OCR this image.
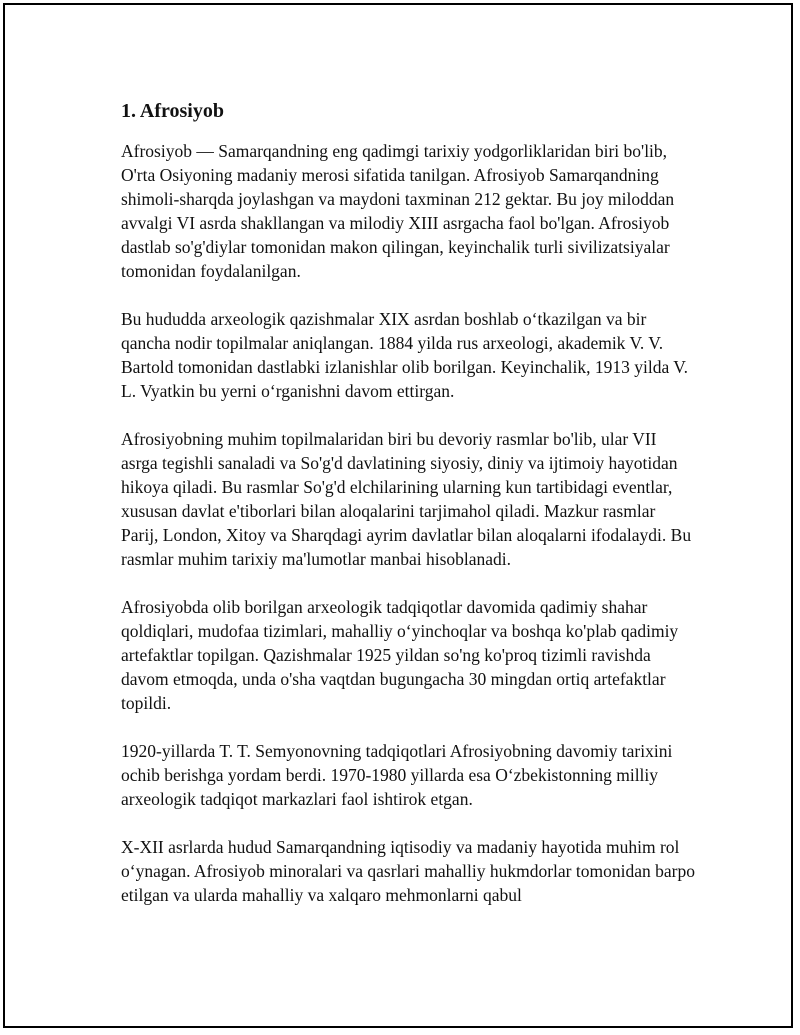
1. Afrosiyob

Afrosiyob — Samarqandning eng qadimgi tarixiy yodgorliklaridan biri bo'lib, O'rta Osiyoning madaniy merosi sifatida tanilgan. Afrosiyob Samarqandning shimoli-sharqda joylashgan va maydoni taxminan 212 gektar. Bu joy miloddan avvalgi VI asrda shakllangan va milodiy XIII asrgacha faol bo'lgan. Afrosiyob dastlab so'g'diylar tomonidan makon qilingan, keyinchalik turli sivilizatsiyalar tomonidan foydalanilgan.

Bu hududda arxeologik qazishmalar XIX asrdan boshlab o‘tkazilgan va bir qancha nodir topilmalar aniqlangan. 1884 yilda rus arxeologi, akademik V. V. Bartold tomonidan dastlabki izlanishlar olib borilgan. Keyinchalik, 1913 yilda V. L. Vyatkin bu yerni o‘rganishni davom ettirgan.

Afrosiyobning muhim topilmalaridan biri bu devoriy rasmlar bo'lib, ular VII asrga tegishli sanaladi va So'g'd davlatining siyosiy, diniy va ijtimoiy hayotidan hikoya qiladi. Bu rasmlar So'g'd elchilarining ularning kun tartibidagi eventlar, xususan davlat e'tiborlari bilan aloqalarini tarjimahol qiladi. Mazkur rasmlar Parij, London, Xitoy va Sharqdagi ayrim davlatlar bilan aloqalarni ifodalaydi. Bu rasmlar muhim tarixiy ma'lumotlar manbai hisoblanadi.

Afrosiyobda olib borilgan arxeologik tadqiqotlar davomida qadimiy shahar qoldiqlari, mudofaa tizimlari, mahalliy o‘yinchoqlar va boshqa ko'plab qadimiy artefaktlar topilgan. Qazishmalar 1925 yildan so'ng ko'proq tizimli ravishda davom etmoqda, unda o'sha vaqtdan bugungacha 30 mingdan ortiq artefaktlar topildi.

1920-yillarda T. T. Semyonovning tadqiqotlari Afrosiyobning davomiy tarixini ochib berishga yordam berdi. 1970-1980 yillarda esa O‘zbekistonning milliy arxeologik tadqiqot markazlari faol ishtirok etgan.

X-XII asrlarda hudud Samarqandning iqtisodiy va madaniy hayotida muhim rol o‘ynagan. Afrosiyob minoralari va qasrlari mahalliy hukmdorlar tomonidan barpo etilgan va ularda mahalliy va xalqaro mehmonlarni qabul
